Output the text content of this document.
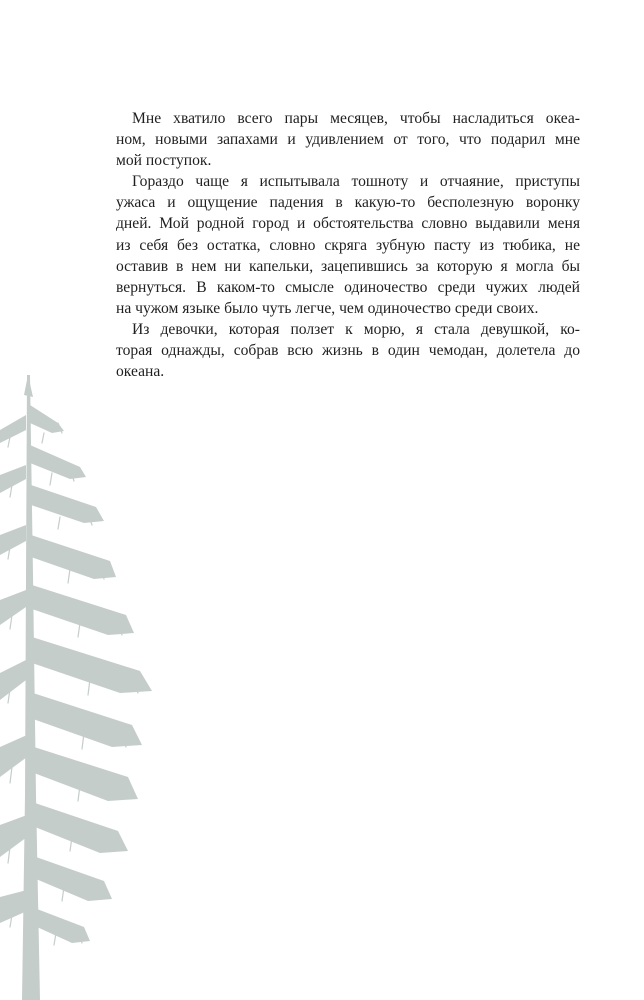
Мне хватило всего пары месяцев, чтобы насладиться океа-
ном, новыми запахами и удивлением от того, что подарил мне
мой поступок.

Гораздо чаще я испытывала тошноту и отчаяние, приступы
ужаса и ощущение падения в какую-то бесполезную воронку
дней. Мой родной город и обстоятельства словно выдавили меня
из себя без остатка, словно скряга зубную пасту из тюбика, не
оставив в нем ни капельки, зацепившись за которую я могла бы
вернуться. В каком-то смысле одиночество среди чужих людей
на чужом языке было чуть легче, чем одиночество среди своих.

Из девочки, которая ползет к морю, я стала девушкой, ко-
торая однажды, собрав всю жизнь в один чемодан, долетела до
океана.
